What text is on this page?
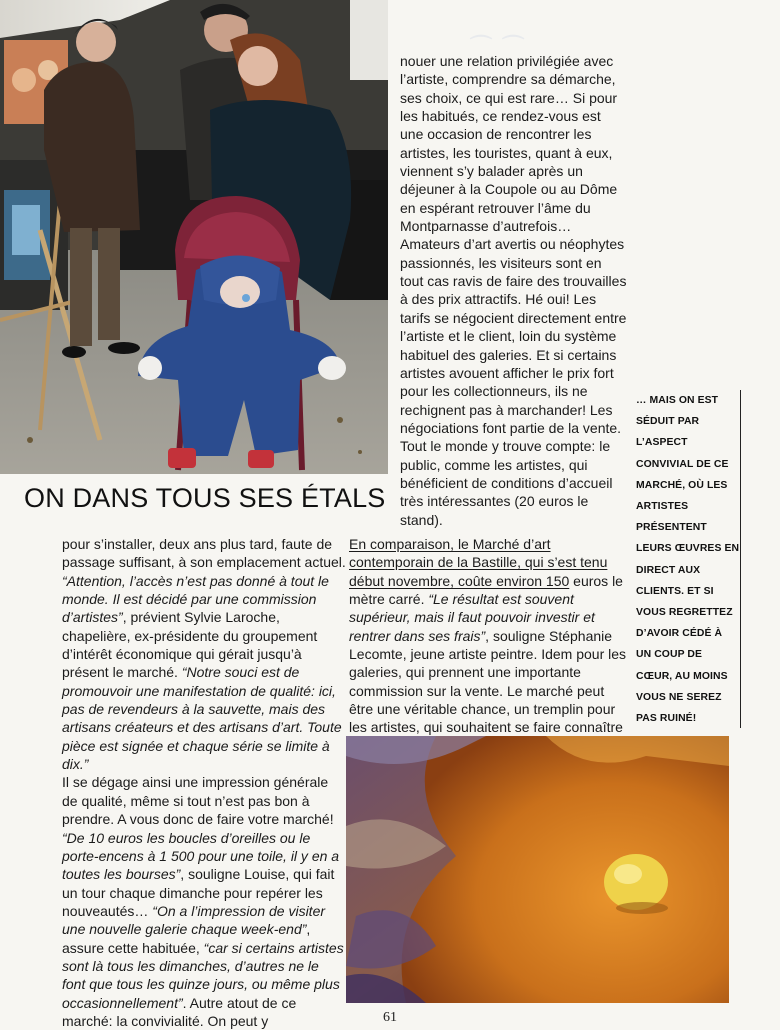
⌒ ⌒
ON DANS TOUS SES ÉTALS

nouer une relation privilégiée avec l’artiste, comprendre sa démarche, ses choix, ce qui est rare… Si pour les habitués, ce rendez-vous est une occasion de rencontrer les artistes, les touristes, quant à eux, viennent s’y balader après un déjeuner à la Coupole ou au Dôme en espérant retrouver l’âme du Montparnasse d’autrefois… Amateurs d’art avertis ou néophytes passionnés, les visiteurs sont en tout cas ravis de faire des trouvailles à des prix attractifs. Hé oui! Les tarifs se négocient directement entre l’artiste et le client, loin du système habituel des galeries. Et si certains artistes avouent afficher le prix fort pour les collectionneurs, ils ne rechignent pas à marchander! Les négociations font partie de la vente.

Tout le monde y trouve compte: le public, comme les artistes, qui bénéficient de conditions d’accueil très intéressantes (20 euros le stand).

pour s’installer, deux ans plus tard, faute de passage suffisant, à son emplacement actuel.

“Attention, l’accès n’est pas donné à tout le monde. Il est décidé par une commission d’artistes”, prévient Sylvie Laroche, chapelière, ex-présidente du groupement d’intérêt économique qui gérait jusqu’à présent le marché. “Notre souci est de promouvoir une manifestation de qualité: ici, pas de revendeurs à la sauvette, mais des artisans créateurs et des artisans d’art. Toute pièce est signée et chaque série se limite à dix.”

Il se dégage ainsi une impression générale de qualité, même si tout n’est pas bon à prendre. A vous donc de faire votre marché!

“De 10 euros les boucles d’oreilles ou le porte-encens à 1 500 pour une toile, il y en a toutes les bourses”, souligne Louise, qui fait un tour chaque dimanche pour repérer les nouveautés… “On a l’impression de visiter une nouvelle galerie chaque week-end”, assure cette habituée, “car si certains artistes sont là tous les dimanches, d’autres ne le font que tous les quinze jours, ou même plus occasionnellement”. Autre atout de ce marché: la convivialité. On peut y

En comparaison, le Marché d’art contemporain de la Bastille, qui s’est tenu début novembre, coûte environ 150 euros le mètre carré. “Le résultat est souvent supérieur, mais il faut pouvoir investir et rentrer dans ses frais”, souligne Stéphanie Lecomte, jeune artiste peintre. Idem pour les galeries, qui prennent une importante commission sur la vente. Le marché peut être une véritable chance, un tremplin pour les artistes, qui souhaitent se faire connaître

… MAIS ON EST SÉDUIT PAR L’ASPECT CONVIVIAL DE CE MARCHÉ, OÙ LES ARTISTES PRÉSENTENT LEURS ŒUVRES EN DIRECT AUX CLIENTS. ET SI VOUS REGRETTEZ D’AVOIR CÉDÉ À UN COUP DE CŒUR, AU MOINS VOUS NE SEREZ PAS RUINÉ!
61
